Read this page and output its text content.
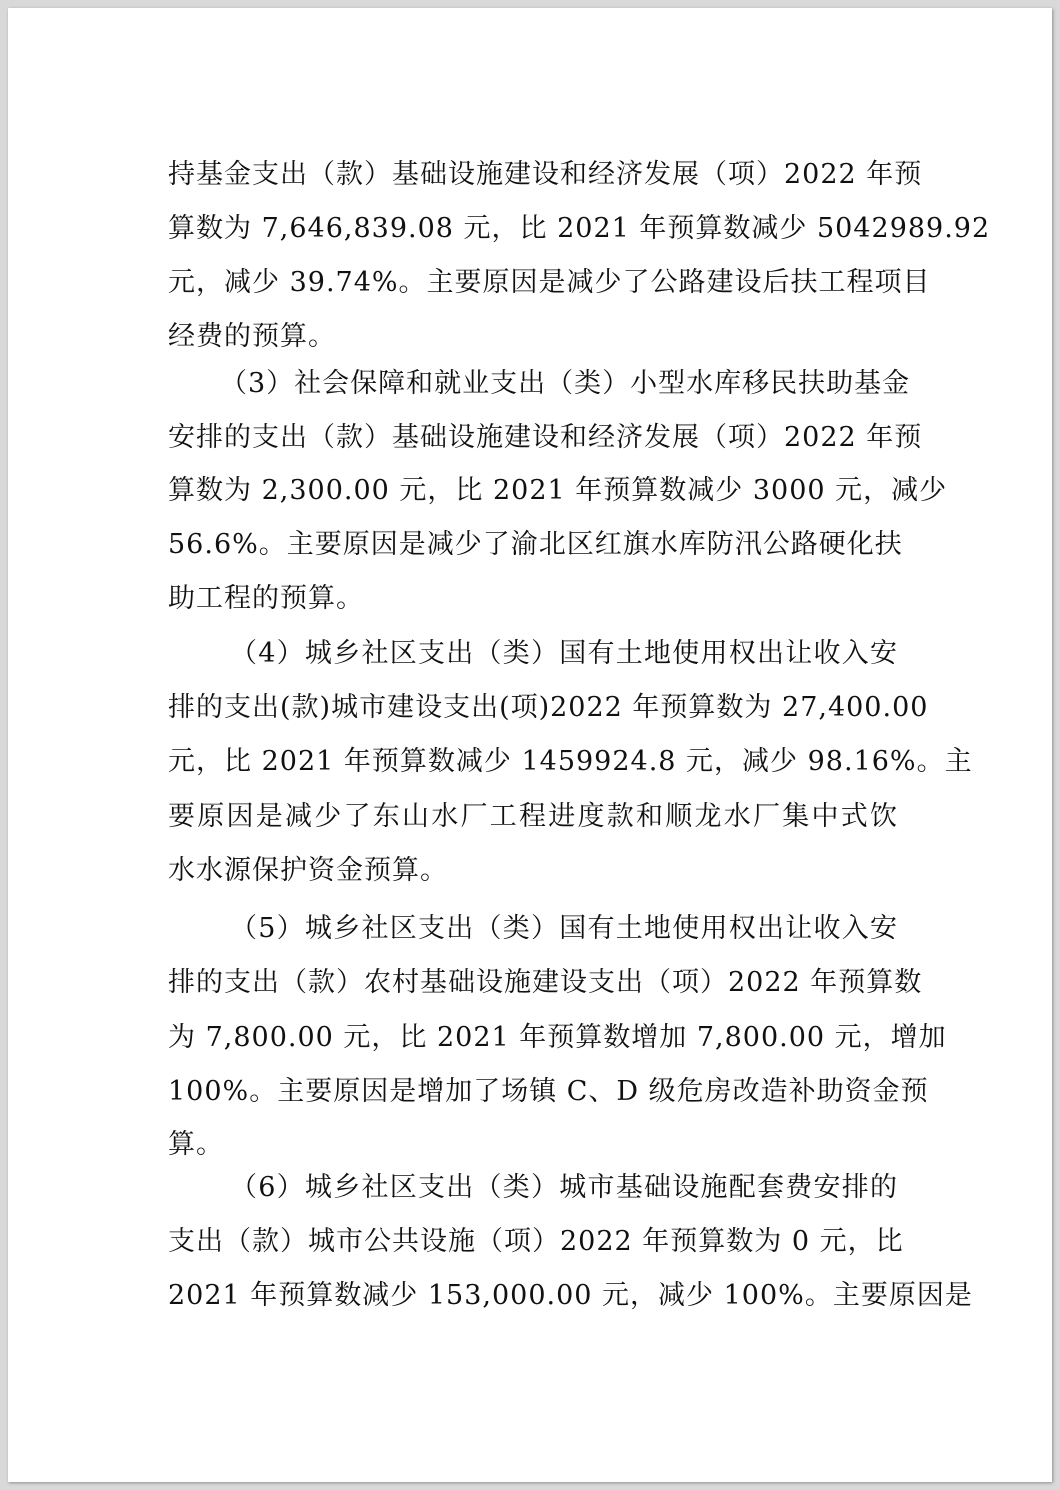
持基金支出（款）基础设施建设和经济发展（项）2022 年预

算数为 7,646,839.08 元，比 2021 年预算数减少 5042989.92

元，减少 39.74%。主要原因是减少了公路建设后扶工程项目

经费的预算。

（3）社会保障和就业支出（类）小型水库移民扶助基金

安排的支出（款）基础设施建设和经济发展（项）2022 年预

算数为 2,300.00 元，比 2021 年预算数减少 3000 元，减少

56.6%。主要原因是减少了渝北区红旗水库防汛公路硬化扶

助工程的预算。

（4）城乡社区支出（类）国有土地使用权出让收入安

排的支出(款)城市建设支出(项)2022 年预算数为 27,400.00

元，比 2021 年预算数减少 1459924.8 元，减少 98.16%。主

要原因是减少了东山水厂工程进度款和顺龙水厂集中式饮

水水源保护资金预算。

（5）城乡社区支出（类）国有土地使用权出让收入安

排的支出（款）农村基础设施建设支出（项）2022 年预算数

为 7,800.00 元，比 2021 年预算数增加 7,800.00 元，增加

100%。主要原因是增加了场镇 C、D 级危房改造补助资金预

算。

（6）城乡社区支出（类）城市基础设施配套费安排的

支出（款）城市公共设施（项）2022 年预算数为 0 元，比

2021 年预算数减少 153,000.00 元，减少 100%。主要原因是
